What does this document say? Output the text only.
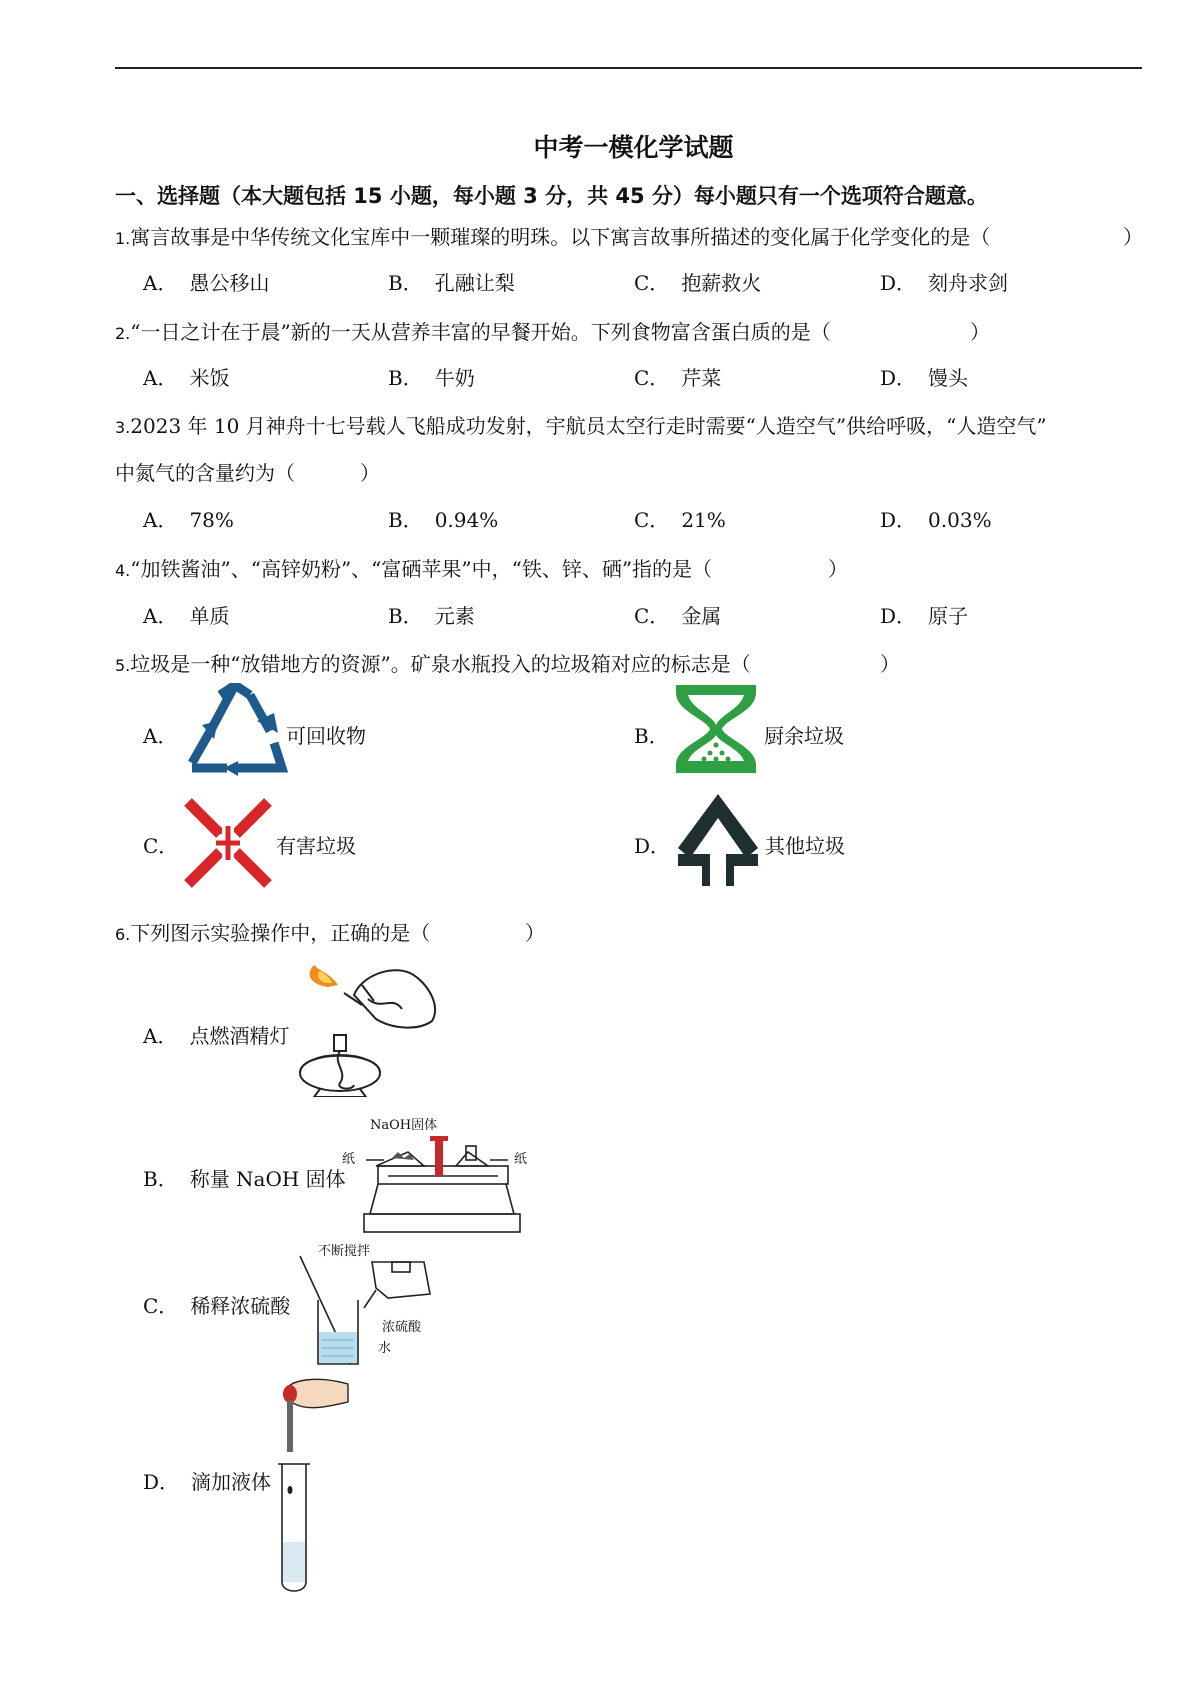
中考一模化学试题
一、选择题（本大题包括 15 小题，每小题 3 分，共 45 分）每小题只有一个选项符合题意。
1.寓言故事是中华传统文化宝库中一颗璀璨的明珠。以下寓言故事所描述的变化属于化学变化的是（	）
A． 愚公移山	B． 孔融让梨	C． 抱薪救火	D． 刻舟求剑
2.“一日之计在于晨”新的一天从营养丰富的早餐开始。下列食物富含蛋白质的是（	）
A． 米饭	B． 牛奶	C． 芹菜	D． 馒头
3.2023 年 10 月神舟十七号载人飞船成功发射，宇航员太空行走时需要“人造空气”供给呼吸，“人造空气”
中氮气的含量约为（	）
A． 78%	B． 0.94%	C． 21%	D． 0.03%
4.“加铁酱油”、“高锌奶粉”、“富硒苹果”中，“铁、锌、硒”指的是（	）
A． 单质	B． 元素	C． 金属	D． 原子
5.垃圾是一种“放错地方的资源”。矿泉水瓶投入的垃圾箱对应的标志是（	）
A．	可回收物	B．	厨余垃圾
C．	有害垃圾	D．	其他垃圾
6.下列图示实验操作中，正确的是（	）
A． 点燃酒精灯
B． 称量 NaOH 固体
NaOH固体
纸	纸
C． 稀释浓硫酸
不断搅拌
浓硫酸
水
D． 滴加液体
